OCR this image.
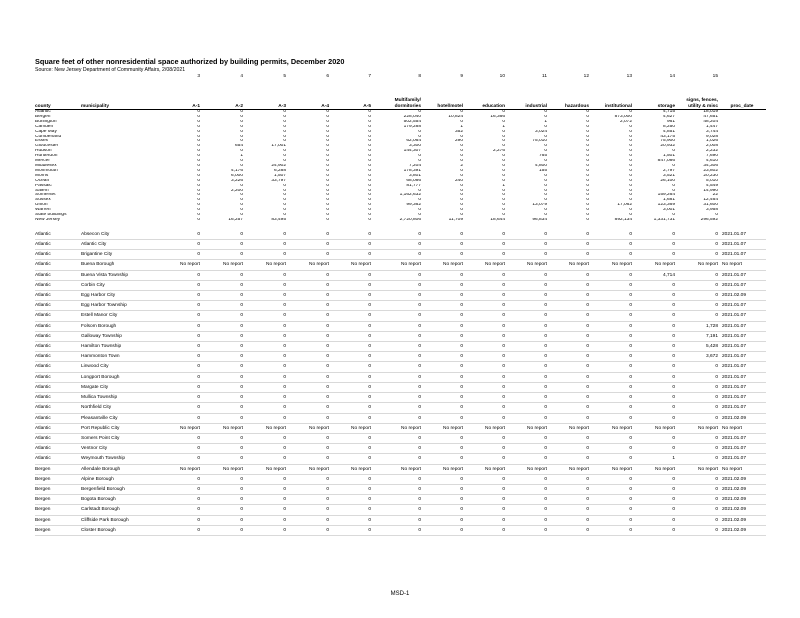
Square feet of other nonresidential space authorized by building permits, December 2020

Source: New Jersey Department of Community Affairs, 2/08/2021

		3	4	5	6	7	8	9	10	11	12	13	14	15	
county	municipality	A-1	A-2	A-3	A-4	A-5	Multifamily/ dormitories	hotel/motel	education	industrial	hazardous	institutional	storage	signs, fences, utility & misc	proc_date
Atlantic		0	0	0	0	0	0	0	0	0	0	0	4,715	18,019	
Bergen		0	0	0	0	0	228,040	10,824	16,366	0	0	873,000	4,627	47,651	
Burlington		0	0	0	0	0	502,554	0	0	1	0	2,072	961	48,204	
Camden		0	0	0	0	0	179,288	1	1	0	0	0	8,250	1,447	
Cape May		0	0	0	0	0	0	352	0	3,024	0	0	4,851	3,744	
Cumberland		0	0	0	0	0	0	0	0	0	0	0	43,175	9,028	
Essex		0	0	0	0	0	62,064	290	0	75,010	0	0	75,900	1,026	
Gloucester		0	654	17,001	0	0	3,300	0	0	0	0	0	20,932	2,008	
Hudson		0	0	0	0	0	144,307	0	2,276	0	0	0	0	2,232	
Hunterdon		0	1	0	0	0	0	0	0	765	0	0	1,501	7,690	
Mercer		0	0	0	0	0	0	0	0	0	0	0	847,086	4,610	
Middlesex		0	0	24,902	0	0	7,204	2	0	4,800	0	0	0	34,306	
Monmouth		0	4,176	6,288	0	0	178,391	0	0	155	0	0	2,797	23,802	
Morris		0	6,000	1,507	0	0	3,801	0	0	0	0	0	3,521	20,230	
Ocean		0	3,226	33,797	0	0	68,086	240	0	0	0	0	26,100	5,010	
Passaic		0	0	0	0	0	81,777	0	1	0	0	0	0	4,549	
Salem		0	2,200	0	0	0	0	0	0	0	0	0	0	14,990	
Somerset		0	0	0	0	0	1,162,632	0	0	0	0	0	159,264	22	
Sussex		0	0	0	0	0	0	0	0	0	0	0	1,681	12,464	
Union		0	0	0	0	0	99,362	0	0	13,079	0	17,062	123,369	31,600	
Warren		0	0	0	0	0	0	0	0	0	0	0	3,001	3,958	
State buildings		0	0	0	0	0	0	0	0	0	0	0	0	0	
New Jersey		0	16,257	83,495	0	0	2,720,806	11,709	18,644	96,834	0	892,134	1,331,731	296,592	

Atlantic	Absecon City	0	0	0	0	0	0	0	0	0	0	0	0	0	2021.01.07
Atlantic	Atlantic City	0	0	0	0	0	0	0	0	0	0	0	0	0	2021.01.07
Atlantic	Brigantine City	0	0	0	0	0	0	0	0	0	0	0	0	0	2021.01.07
Atlantic	Buena Borough	No report	No report	No report	No report	No report	No report	No report	No report	No report	No report	No report	No report	No report	No report
Atlantic	Buena Vista Township	0	0	0	0	0	0	0	0	0	0	0	4,714	0	2021.01.07
Atlantic	Corbin City	0	0	0	0	0	0	0	0	0	0	0	0	0	2021.01.07
Atlantic	Egg Harbor City	0	0	0	0	0	0	0	0	0	0	0	0	0	2021.02.09
Atlantic	Egg Harbor Township	0	0	0	0	0	0	0	0	0	0	0	0	0	2021.01.07
Atlantic	Estell Manor City	0	0	0	0	0	0	0	0	0	0	0	0	0	2021.01.07
Atlantic	Folsom Borough	0	0	0	0	0	0	0	0	0	0	0	0	1,728	2021.01.07
Atlantic	Galloway Township	0	0	0	0	0	0	0	0	0	0	0	0	7,191	2021.01.07
Atlantic	Hamilton Township	0	0	0	0	0	0	0	0	0	0	0	0	5,428	2021.01.07
Atlantic	Hammonton Town	0	0	0	0	0	0	0	0	0	0	0	0	3,672	2021.01.07
Atlantic	Linwood City	0	0	0	0	0	0	0	0	0	0	0	0	0	2021.01.07
Atlantic	Longport Borough	0	0	0	0	0	0	0	0	0	0	0	0	0	2021.01.07
Atlantic	Margate City	0	0	0	0	0	0	0	0	0	0	0	0	0	2021.01.07
Atlantic	Mullica Township	0	0	0	0	0	0	0	0	0	0	0	0	0	2021.01.07
Atlantic	Northfield City	0	0	0	0	0	0	0	0	0	0	0	0	0	2021.01.07
Atlantic	Pleasantville City	0	0	0	0	0	0	0	0	0	0	0	0	0	2021.02.09
Atlantic	Port Republic City	No report	No report	No report	No report	No report	No report	No report	No report	No report	No report	No report	No report	No report	No report
Atlantic	Somers Point City	0	0	0	0	0	0	0	0	0	0	0	0	0	2021.01.07
Atlantic	Ventnor City	0	0	0	0	0	0	0	0	0	0	0	0	0	2021.01.07
Atlantic	Weymouth Township	0	0	0	0	0	0	0	0	0	0	0	1	0	2021.01.07
Bergen	Allendale Borough	No report	No report	No report	No report	No report	No report	No report	No report	No report	No report	No report	No report	No report	No report
Bergen	Alpine Borough	0	0	0	0	0	0	0	0	0	0	0	0	0	2021.02.09
Bergen	Bergenfield Borough	0	0	0	0	0	0	0	0	0	0	0	0	0	2021.02.09
Bergen	Bogota Borough	0	0	0	0	0	0	0	0	0	0	0	0	0	2021.02.09
Bergen	Carlstadt Borough	0	0	0	0	0	0	0	0	0	0	0	0	0	2021.02.09
Bergen	Cliffside Park Borough	0	0	0	0	0	0	0	0	0	0	0	0	0	2021.02.09
Bergen	Closter Borough	0	0	0	0	0	0	0	0	0	0	0	0	0	2021.02.09
MSD-1
